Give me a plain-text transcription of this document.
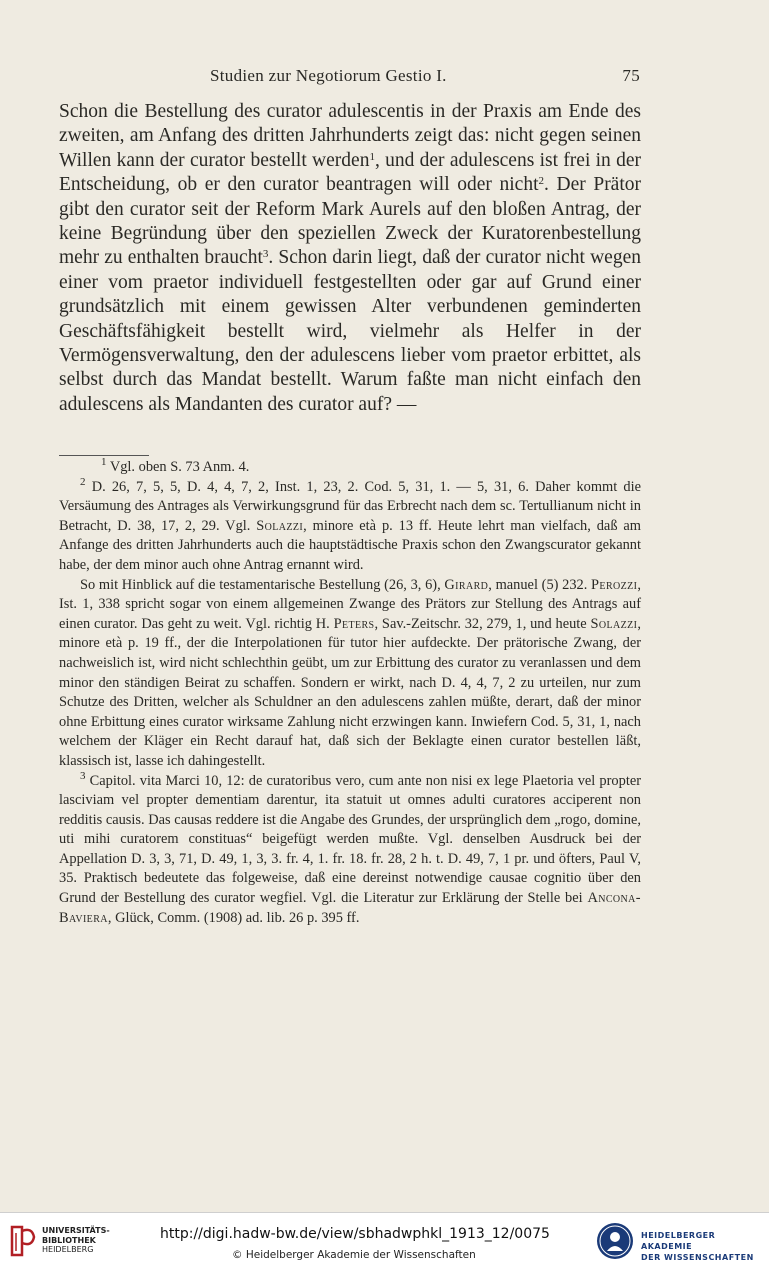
Studien zur Negotiorum Gestio I.	75

Schon die Bestellung des curator adulescentis in der Praxis am Ende des zweiten, am Anfang des dritten Jahrhunderts zeigt das: nicht gegen seinen Willen kann der curator bestellt werden$^1$, und der adulescens ist frei in der Entscheidung, ob er den curator beantragen will oder nicht$^2$. Der Prätor gibt den curator seit der Reform Mark Aurels auf den bloßen Antrag, der keine Begründung über den speziellen Zweck der Kuratorenbestellung mehr zu enthalten braucht$^3$. Schon darin liegt, daß der curator nicht wegen einer vom praetor individuell festgestellten oder gar auf Grund einer grundsätzlich mit einem gewissen Alter verbundenen geminderten Geschäftsfähigkeit bestellt wird, vielmehr als Helfer in der Vermögensverwaltung, den der adulescens lieber vom praetor erbittet, als selbst durch das Mandat bestellt. Warum faßte man nicht einfach den adulescens als Mandanten des curator auf? —

$^1$ Vgl. oben S. 73 Anm. 4.

$^2$ D. 26, 7, 5, 5, D. 4, 4, 7, 2, Inst. 1, 23, 2. Cod. 5, 31, 1. — 5, 31, 6. Daher kommt die Versäumung des Antrages als Verwirkungsgrund für das Erbrecht nach dem sc. Tertullianum nicht in Betracht, D. 38, 17, 2, 29. Vgl. Solazzi, minore età p. 13 ff. Heute lehrt man vielfach, daß am Anfange des dritten Jahrhunderts auch die hauptstädtische Praxis schon den Zwangscurator gekannt habe, der dem minor auch ohne Antrag ernannt wird.

So mit Hinblick auf die testamentarische Bestellung (26, 3, 6), Girard, manuel (5) 232. Perozzi, Ist. 1, 338 spricht sogar von einem allgemeinen Zwange des Prätors zur Stellung des Antrags auf einen curator. Das geht zu weit. Vgl. richtig H. Peters, Sav.-Zeitschr. 32, 279, 1, und heute Solazzi, minore età p. 19 ff., der die Interpolationen für tutor hier aufdeckte. Der prätorische Zwang, der nachweislich ist, wird nicht schlechthin geübt, um zur Erbittung des curator zu veranlassen und dem minor den ständigen Beirat zu schaffen. Sondern er wirkt, nach D. 4, 4, 7, 2 zu urteilen, nur zum Schutze des Dritten, welcher als Schuldner an den adulescens zahlen müßte, derart, daß der minor ohne Erbittung eines curator wirksame Zahlung nicht erzwingen kann. Inwiefern Cod. 5, 31, 1, nach welchem der Kläger ein Recht darauf hat, daß sich der Beklagte einen curator bestellen läßt, klassisch ist, lasse ich dahingestellt.

$^3$ Capitol. vita Marci 10, 12: de curatoribus vero, cum ante non nisi ex lege Plaetoria vel propter lasciviam vel propter dementiam darentur, ita statuit ut omnes adulti curatores acciperent non redditis causis. Das causas reddere ist die Angabe des Grundes, der ursprünglich dem „rogo, domine, uti mihi curatorem constituas“ beigefügt werden mußte. Vgl. denselben Ausdruck bei der Appellation D. 3, 3, 71, D. 49, 1, 3, 3. fr. 4, 1. fr. 18. fr. 28, 2 h. t. D. 49, 7, 1 pr. und öfters, Paul V, 35. Praktisch bedeutete das folgeweise, daß eine dereinst notwendige causae cognitio über den Grund der Bestellung des curator wegfiel. Vgl. die Literatur zur Erklärung der Stelle bei Ancona-Baviera, Glück, Comm. (1908) ad. lib. 26 p. 395 ff.

UNIVERSITÄTS-
BIBLIOTHEK
HEIDELBERG
http://digi.hadw-bw.de/view/sbhadwphkl_1913_12/0075
© Heidelberger Akademie der Wissenschaften
HEIDELBERGER AKADEMIE
DER WISSENSCHAFTEN
